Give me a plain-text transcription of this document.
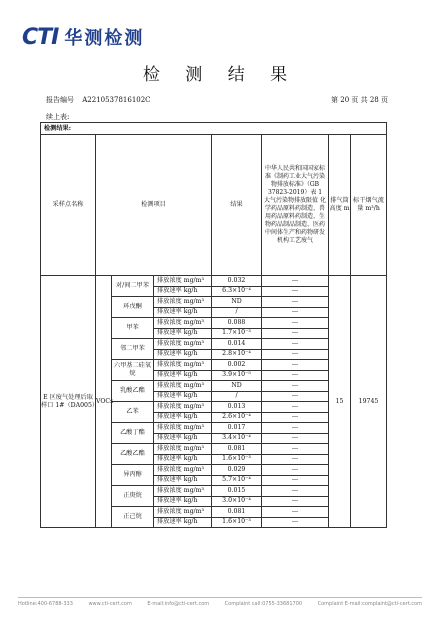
CTI 华测检测
检 测 结 果
报告编号 A2210537816102C	第 20 页 共 28 页
续上表:
检测结果:							
采样点名称	检测项目			结果	中华人民共和国国家标准《制药工业大气污染物排放标准》（GB 37823-2019）表 1 大气污染物排放限值 化学药品原料药制造、兽用药品原料药制造、生物药品制品制造、医药中间体生产和药物研发机构工艺废气	排气筒高度 m	标干烟气流量 m³/h
E 区废气处理后取样口 1#（DA005）	VOCs	对/间二甲苯	排放浓度 mg/m³	0.032	---	15	19745
			排放速率 kg/h	6.3×10⁻⁴	---		
		环戊酮	排放浓度 mg/m³	ND	---		
			排放速率 kg/h	/	---		
		甲苯	排放浓度 mg/m³	0.088	---		
			排放速率 kg/h	1.7×10⁻³	---		
		邻二甲苯	排放浓度 mg/m³	0.014	---		
			排放速率 kg/h	2.8×10⁻⁴	---		
		六甲基二硅氧烷	排放浓度 mg/m³	0.002	---		
			排放速率 kg/h	3.9×10⁻⁵	---		
		乳酸乙酯	排放浓度 mg/m³	ND	---		
			排放速率 kg/h	/	---		
		乙苯	排放浓度 mg/m³	0.013	---		
			排放速率 kg/h	2.6×10⁻⁴	---		
		乙酸丁酯	排放浓度 mg/m³	0.017	---		
			排放速率 kg/h	3.4×10⁻⁴	---		
		乙酸乙酯	排放浓度 mg/m³	0.081	---		
			排放速率 kg/h	1.6×10⁻³	---		
		异丙醇	排放浓度 mg/m³	0.029	---		
			排放速率 kg/h	5.7×10⁻⁴	---		
		正庚烷	排放浓度 mg/m³	0.015	---		
			排放速率 kg/h	3.0×10⁻⁴	---		
		正己烷	排放浓度 mg/m³	0.081	---		
			排放速率 kg/h	1.6×10⁻³	---		
Hotline:400-6788-333	www.cti-cert.com	E-mail:info@cti-cert.com	Complaint call:0755-33681700	Complaint E-mail:complaint@cti-cert.com
